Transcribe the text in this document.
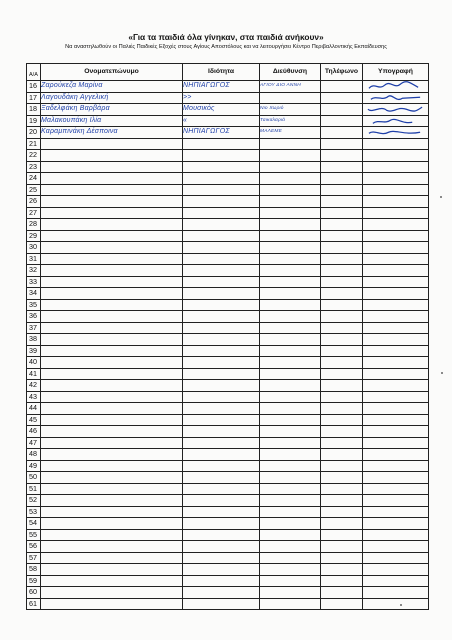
«Για τα παιδιά όλα γίνηκαν, στα παιδιά ανήκουν»
Να αναστηλωθούν οι Παλιές Παιδικές Εξοχές στους Αγίους Αποστόλους και να λειτουργήσει Κέντρο Περιβαλλοντικής Εκπαίδευσης
Α/Α	Ονοματεπώνυμο	Ιδιότητα	Διεύθυνση	Τηλέφωνο	Υπογραφή
16	Ζαρούκεζα Μαρίνα	ΝΗΠΙΑΓΩΓΟΣ	ΑΓΙΟΥ ΔΙΟ ΑΝΝΗ		

17	Λαγουδάκη Αγγελική	>>			

18	Ξαδελφάκη Βαρβάρα	Μουσικός	Νιο Χωριό		

19	Μαλακουπάκη Ιλία	«	Τσικαλαριά		

20	Καραμπινάκη Δέσποινα	ΝΗΠΙΑΓΩΓΟΣ	ΜΑΛΕΜΕ		

21					
22					
23					
24					
25					
26					
27					
28					
29					
30					
31					
32					
33					
34					
35					
36					
37					
38					
39					
40					
41					
42					
43					
44					
45					
46					
47					
48					
49					
50					
51					
52					
53					
54					
55					
56					
57					
58					
59					
60					
61					
